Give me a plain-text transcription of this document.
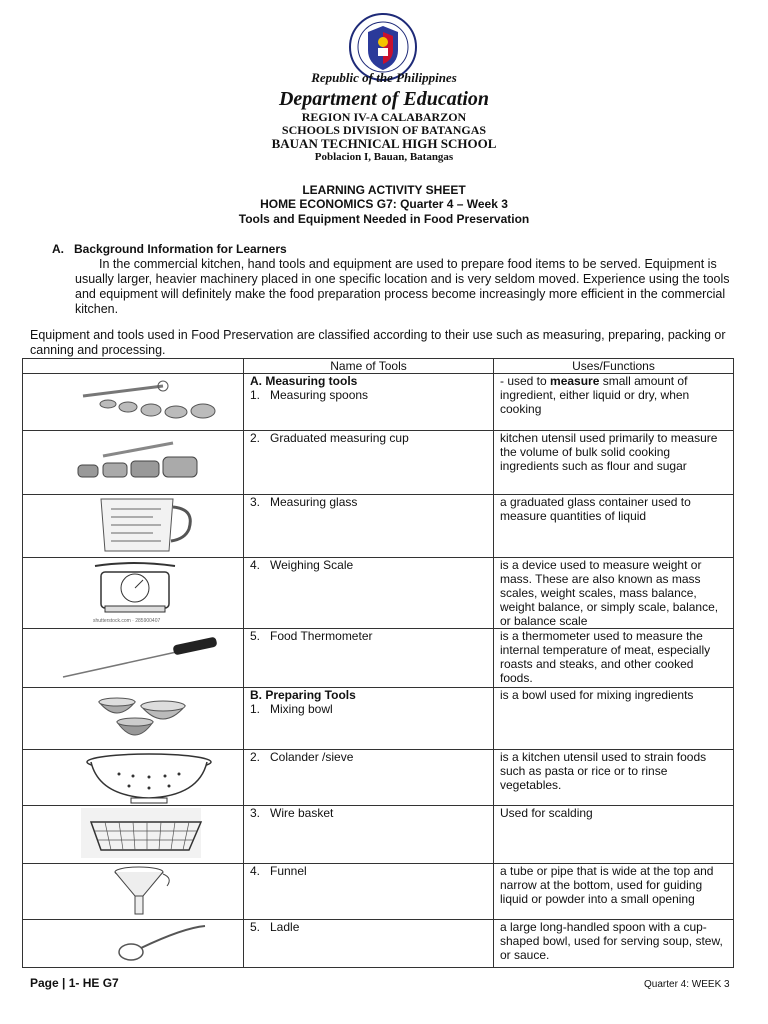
Republic of the Philippines
Department of Education
REGION IV-A CALABARZON
SCHOOLS DIVISION OF BATANGAS
BAUAN TECHNICAL HIGH SCHOOL
Poblacion I, Bauan, Batangas
LEARNING ACTIVITY SHEET
HOME ECONOMICS G7: Quarter 4 – Week 3
Tools and Equipment Needed in Food Preservation
A. Background Information for Learners
In the commercial kitchen, hand tools and equipment are used to prepare food items to be served. Equipment is usually larger, heavier machinery placed in one specific location and is very seldom moved. Experience using the tools and equipment will definitely make the food preparation process become increasingly more efficient in the commercial kitchen.
Equipment and tools used in Food Preservation are classified according to their use such as measuring, preparing, packing or canning and processing.
	Name of Tools	Uses/Functions

A. Measuring tools
1. Measuring spoons	- used to measure small amount of ingredient, either liquid or dry, when cooking

2. Graduated measuring cup	kitchen utensil used primarily to measure the volume of bulk solid cooking ingredients such as flour and sugar

3. Measuring glass	a graduated glass container used to measure quantities of liquid

shutterstock.com · 285900407	4. Weighing Scale	is a device used to measure weight or mass. These are also known as mass scales, weight scales, mass balance, weight balance, or simply scale, balance, or balance scale

5. Food Thermometer	is a thermometer used to measure the internal temperature of meat, especially roasts and steaks, and other cooked foods.

B. Preparing Tools
1. Mixing bowl	is a bowl used for mixing ingredients

2. Colander /sieve	is a kitchen utensil used to strain foods such as pasta or rice or to rinse vegetables.

3. Wire basket	Used for scalding

4. Funnel	a tube or pipe that is wide at the top and narrow at the bottom, used for guiding liquid or powder into a small opening

5. Ladle	a large long-handled spoon with a cup-shaped bowl, used for serving soup, stew, or sauce.
Page | 1- HE G7	Quarter 4: WEEK 3
